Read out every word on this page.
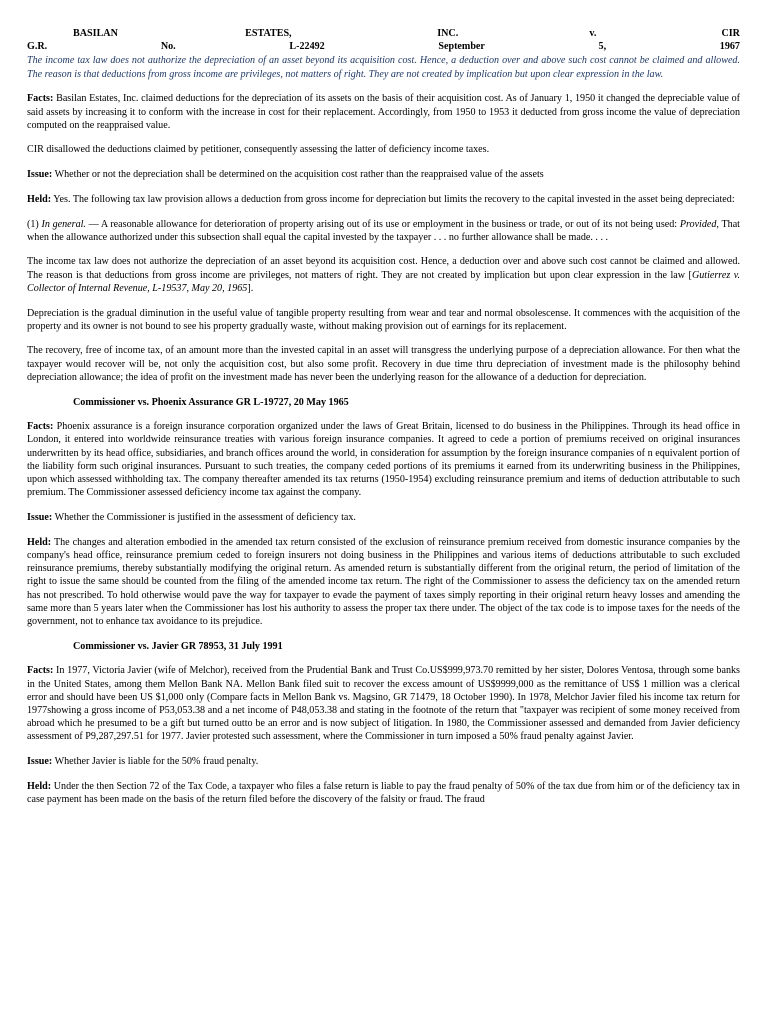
BASILAN	ESTATES,	INC.	v.	CIR
G.R.	No.	L-22492	September	5,	1967

The income tax law does not authorize the depreciation of an asset beyond its acquisition cost. Hence, a deduction over and above such cost cannot be claimed and allowed. The reason is that deductions from gross income are privileges, not matters of right. They are not created by implication but upon clear expression in the law.

Facts: Basilan Estates, Inc. claimed deductions for the depreciation of its assets on the basis of their acquisition cost. As of January 1, 1950 it changed the depreciable value of said assets by increasing it to conform with the increase in cost for their replacement. Accordingly, from 1950 to 1953 it deducted from gross income the value of depreciation computed on the reappraised value.

CIR disallowed the deductions claimed by petitioner, consequently assessing the latter of deficiency income taxes.

Issue: Whether or not the depreciation shall be determined on the acquisition cost rather than the reappraised value of the assets

Held: Yes. The following tax law provision allows a deduction from gross income for depreciation but limits the recovery to the capital invested in the asset being depreciated:

(1) In general. — A reasonable allowance for deterioration of property arising out of its use or employment in the business or trade, or out of its not being used: Provided, That when the allowance authorized under this subsection shall equal the capital invested by the taxpayer . . . no further allowance shall be made. . . .

The income tax law does not authorize the depreciation of an asset beyond its acquisition cost. Hence, a deduction over and above such cost cannot be claimed and allowed. The reason is that deductions from gross income are privileges, not matters of right. They are not created by implication but upon clear expression in the law [Gutierrez v. Collector of Internal Revenue, L-19537, May 20, 1965].

Depreciation is the gradual diminution in the useful value of tangible property resulting from wear and tear and normal obsolescense. It commences with the acquisition of the property and its owner is not bound to see his property gradually waste, without making provision out of earnings for its replacement.

The recovery, free of income tax, of an amount more than the invested capital in an asset will transgress the underlying purpose of a depreciation allowance. For then what the taxpayer would recover will be, not only the acquisition cost, but also some profit. Recovery in due time thru depreciation of investment made is the philosophy behind depreciation allowance; the idea of profit on the investment made has never been the underlying reason for the allowance of a deduction for depreciation.

Commissioner vs. Phoenix Assurance GR L-19727, 20 May 1965

Facts: Phoenix assurance is a foreign insurance corporation organized under the laws of Great Britain, licensed to do business in the Philippines. Through its head office in London, it entered into worldwide reinsurance treaties with various foreign insurance companies. It agreed to cede a portion of premiums received on original insurances underwritten by its head office, subsidiaries, and branch offices around the world, in consideration for assumption by the foreign insurance companies of n equivalent portion of the liability form such original insurances. Pursuant to such treaties, the company ceded portions of its premiums it earned from its underwriting business in the Philippines, upon which assessed withholding tax. The company thereafter amended its tax returns (1950-1954) excluding reinsurance premium and items of deduction attributable to such premium. The Commissioner assessed deficiency income tax against the company.

Issue: Whether the Commissioner is justified in the assessment of deficiency tax.

Held: The changes and alteration embodied in the amended tax return consisted of the exclusion of reinsurance premium received from domestic insurance companies by the company's head office, reinsurance premium ceded to foreign insurers not doing business in the Philippines and various items of deductions attributable to such excluded reinsurance premiums, thereby substantially modifying the original return. As amended return is substantially different from the original return, the period of limitation of the right to issue the same should be counted from the filing of the amended income tax return. The right of the Commissioner to assess the deficiency tax on the amended return has not prescribed. To hold otherwise would pave the way for taxpayer to evade the payment of taxes simply reporting in their original return heavy losses and amending the same more than 5 years later when the Commissioner has lost his authority to assess the proper tax there under. The object of the tax code is to impose taxes for the needs of the government, not to enhance tax avoidance to its prejudice.

Commissioner vs. Javier GR 78953, 31 July 1991

Facts: In 1977, Victoria Javier (wife of Melchor), received from the Prudential Bank and Trust Co.US$999,973.70 remitted by her sister, Dolores Ventosa, through some banks in the United States, among them Mellon Bank NA. Mellon Bank filed suit to recover the excess amount of US$9999,000 as the remittance of US$ 1 million was a clerical error and should have been US $1,000 only (Compare facts in Mellon Bank vs. Magsino, GR 71479, 18 October 1990). In 1978, Melchor Javier filed his income tax return for 1977showing a gross income of P53,053.38 and a net income of P48,053.38 and stating in the footnote of the return that "taxpayer was recipient of some money received from abroad which he presumed to be a gift but turned outto be an error and is now subject of litigation. In 1980, the Commissioner assessed and demanded from Javier deficiency assessment of P9,287,297.51 for 1977. Javier protested such assessment, where the Commissioner in turn imposed a 50% fraud penalty against Javier.

Issue: Whether Javier is liable for the 50% fraud penalty.

Held: Under the then Section 72 of the Tax Code, a taxpayer who files a false return is liable to pay the fraud penalty of 50% of the tax due from him or of the deficiency tax in case payment has been made on the basis of the return filed before the discovery of the falsity or fraud. The fraud
